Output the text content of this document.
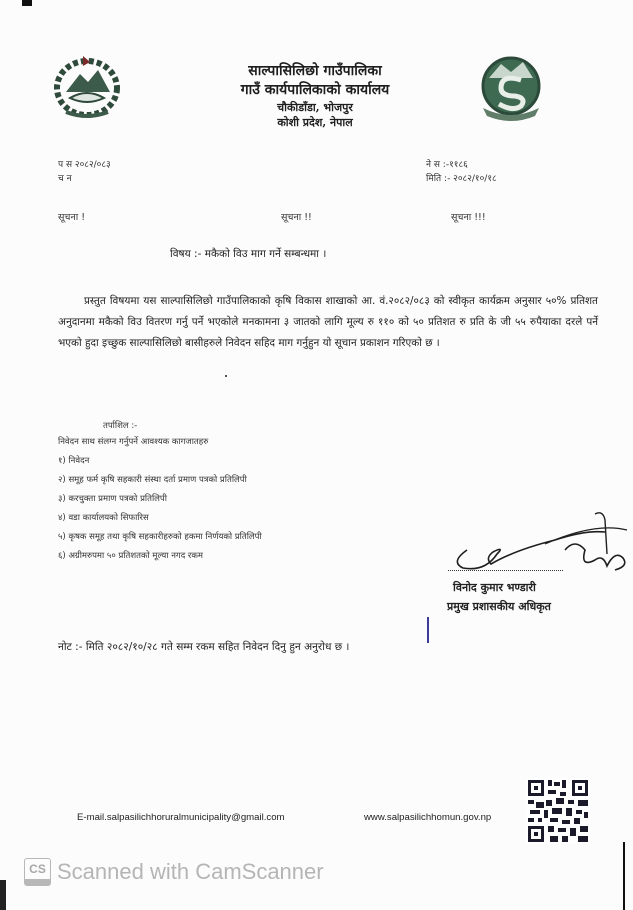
साल्पासिलिछो गाउँपालिका
गाउँ कार्यपालिकाको कार्यालय
चौकीडाँडा, भोजपुर
कोशी प्रदेश, नेपाल
प स २०८२/०८३
च न
ने स :-११८६
मिति :- २०८२/१०/१८
सूचना !	सूचना !!	सूचना !!!
विषय :- मकैको विउ माग गर्ने सम्बन्धमा ।

प्रस्तुत विषयमा यस साल्पासिलिछो गाउँपालिकाको कृषि विकास शाखाको आ. वं.२०८२/०८३ को स्वीकृत कार्यक्रम अनुसार ५०% प्रतिशत अनुदानमा मकैको विउ वितरण गर्नु पर्ने भएकोले मनकामना ३ जातको लागि मूल्य रु ११० को ५० प्रतिशत रु प्रति के जी ५५ रुपैयाका दरले पर्ने भएको हुदा इच्छुक साल्पासिलिछो बासीहरुले निवेदन सहिद माग गर्नुहुन यो सूचान प्रकाशन गरिएको छ ।

तर्पाशिल :-
निवेदन साथ संलग्न गर्नुपर्ने आवश्यक कागजातहरु
१) निवेदन
२) समूह फर्म कृषि सहकारी संस्था दर्ता प्रमाण पत्रको प्रतिलिपी
३) करचुक्ता प्रमाण पत्रको प्रतिलिपी
४) वडा कार्यालयको सिफारिस
५) कृषक समूह तथा कृषि सहकारीहरुको हकमा निर्णयको प्रतिलिपी
६) अग्रीमरुपमा ५० प्रतिशतको मूल्या नगद रकम
विनोद कुमार भण्डारी
प्रमुख प्रशासकीय अधिकृत
नोट :- मिति २०८२/१०/२८ गते सम्म रकम सहित निवेदन दिनु हुन अनुरोध छ ।
E-mail.salpasilichhoruralmunicipality@gmail.com	www.salpasilichhomun.gov.np
CS Scanned with CamScanner
